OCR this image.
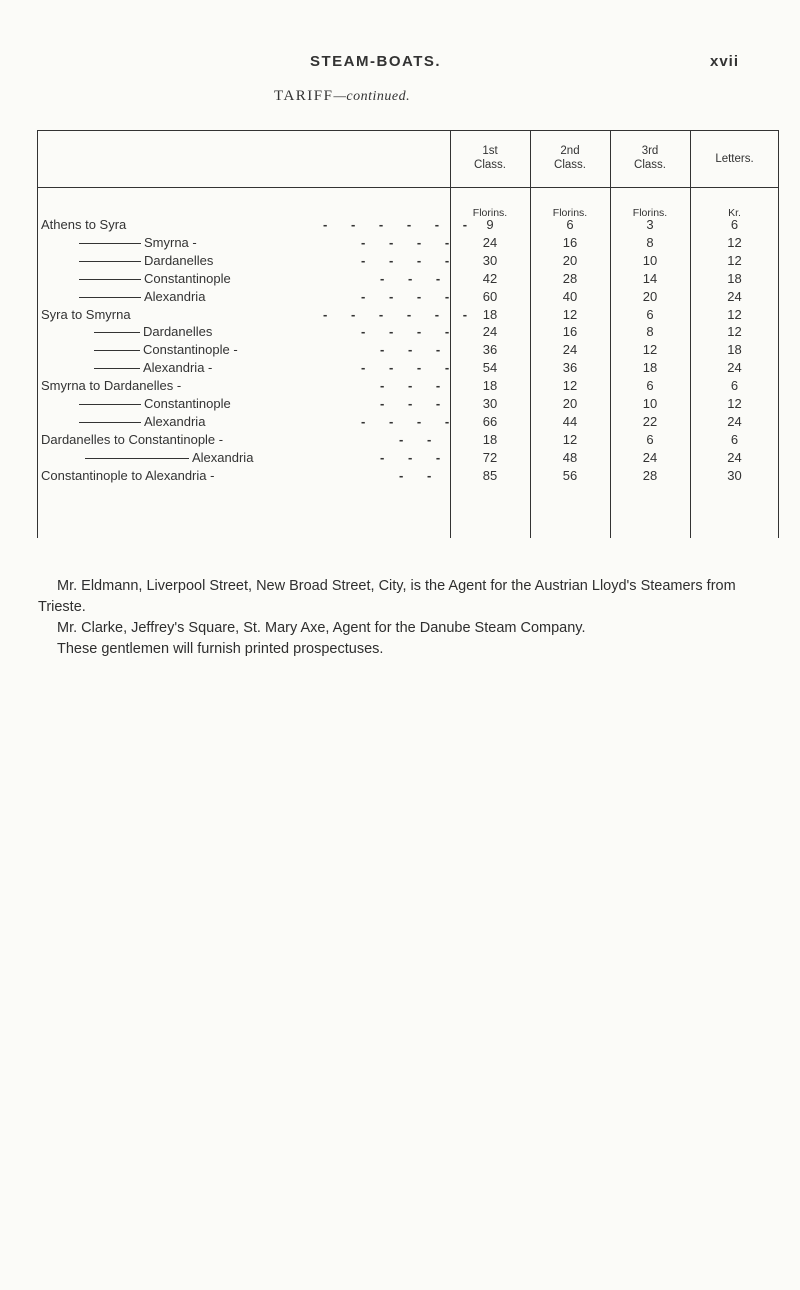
STEAM-BOATS.	xvii
TARIFF—continued.
1st
Class.
2nd
Class.
3rd
Class.	Letters.
Florins.	Florins.	Florins.	Kr.
Athens to Syra	- - - - - - 9	6	3	6
Smyrna -	- - - -	24	16	8	12
Dardanelles	- - - -	30	20	10	12
Constantinople	- - -	42	28	14	18
Alexandria	- - - -	60	40	20	24
Syra to Smyrna	- - - - - - 18	12	6	12
Dardanelles	- - - -	24	16	8	12
Constantinople -	- - -	36	24	12	18
Alexandria -	- - - -	54	36	18	24
Smyrna to Dardanelles -	- - -	18	12	6	6
Constantinople	- - -	30	20	10	12
Alexandria	- - - -	66	44	22	24
Dardanelles to Constantinople -	- -	18	12	6	6
Alexandria	- - -	72	48	24	24
Constantinople to Alexandria -	- -	85	56	28	30

Mr. Eldmann, Liverpool Street, New Broad Street, City, is the Agent for the Austrian Lloyd's Steamers from Trieste.

Mr. Clarke, Jeffrey's Square, St. Mary Axe, Agent for the Danube Steam Company.

These gentlemen will furnish printed prospectuses.
